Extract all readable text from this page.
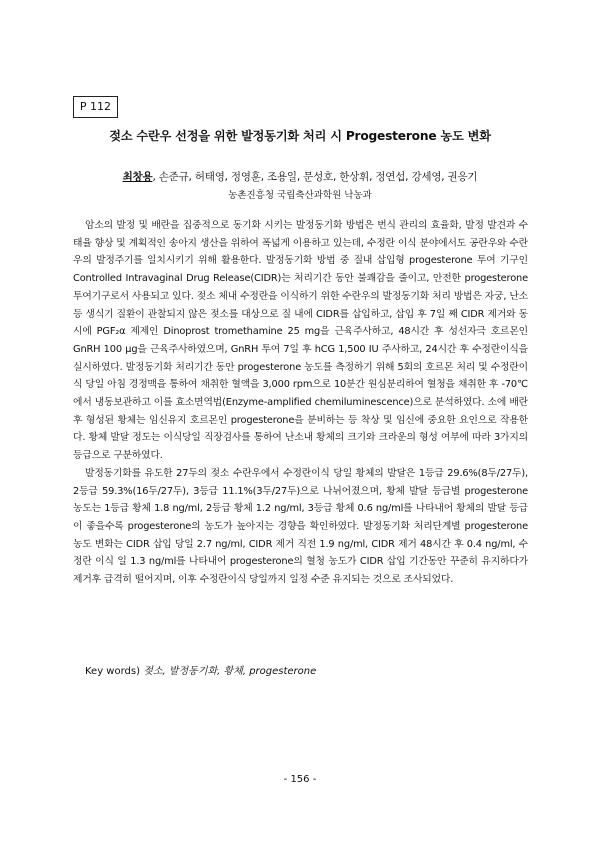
P 112
젖소 수란우 선정을 위한 발정동기화 처리 시 Progesterone 농도 변화
최창용, 손준규, 허태영, 정영훈, 조용일, 문성호, 한상휘, 정연섭, 강세영, 권응기
농촌진흥청 국립축산과학원 낙농과

암소의 발정 및 배란을 집중적으로 동기화 시키는 발정동기화 방법은 번식 관리의 효율화, 발정 발견과 수태율 향상 및 계획적인 송아지 생산을 위하여 폭넓게 이용하고 있는데, 수정란 이식 분야에서도 공란우와 수란우의 발정주기를 일치시키기 위해 활용한다. 발정동기화 방법 중 질내 삽입형 progesterone 투여 기구인 Controlled Intravaginal Drug Release(CIDR)는 처리기간 동안 불쾌감을 줄이고, 안전한 progesterone 투여기구로서 사용되고 있다. 젖소 체내 수정란을 이식하기 위한 수란우의 발정동기화 처리 방법은 자궁, 난소 등 생식기 질환이 관찰되지 않은 젖소를 대상으로 질 내에 CIDR를 삽입하고, 삽입 후 7일 째 CIDR 제거와 동시에 PGF₂α 제제인 Dinoprost tromethamine 25 mg을 근육주사하고, 48시간 후 성선자극 호르몬인 GnRH 100 μg을 근육주사하였으며, GnRH 투여 7일 후 hCG 1,500 IU 주사하고, 24시간 후 수정란이식을 실시하였다. 발정동기화 처리기간 동안 progesterone 농도를 측정하기 위해 5회의 호르몬 처리 및 수정란이식 당일 아침 경정맥을 통하여 채취한 혈액을 3,000 rpm으로 10분간 원심분리하여 혈청을 채취한 후 -70℃에서 냉동보관하고 이를 효소면역법(Enzyme-amplified chemiluminescence)으로 분석하였다. 소에 배란 후 형성된 황체는 임신유지 호르몬인 progesterone을 분비하는 등 착상 및 임신에 중요한 요인으로 작용한다. 황체 발달 정도는 이식당일 직장검사를 통하여 난소내 황체의 크기와 크라운의 형성 여부에 따라 3가지의 등급으로 구분하였다.

발정동기화를 유도한 27두의 젖소 수란우에서 수정란이식 당일 황체의 발달은 1등급 29.6%(8두/27두), 2등급 59.3%(16두/27두), 3등급 11.1%(3두/27두)으로 나뉘어졌으며, 황체 발달 등급별 progesterone 농도는 1등급 황체 1.8 ng/ml, 2등급 황체 1.2 ng/ml, 3등급 황체 0.6 ng/ml를 나타내어 황체의 발달 등급이 좋을수록 progesterone의 농도가 높아지는 경향을 확인하였다. 발정동기화 처리단계별 progesterone 농도 변화는 CIDR 삽입 당일 2.7 ng/ml, CIDR 제거 직전 1.9 ng/ml, CIDR 제거 48시간 후 0.4 ng/ml, 수정란 이식 일 1.3 ng/ml를 나타내어 progesterone의 혈청 농도가 CIDR 삽입 기간동안 꾸준히 유지하다가 제거후 급격히 떨어지며, 이후 수정란이식 당일까지 일정 수준 유지되는 것으로 조사되었다.

Key words) 젖소, 발정동기화, 황체, progesterone
- 156 -
